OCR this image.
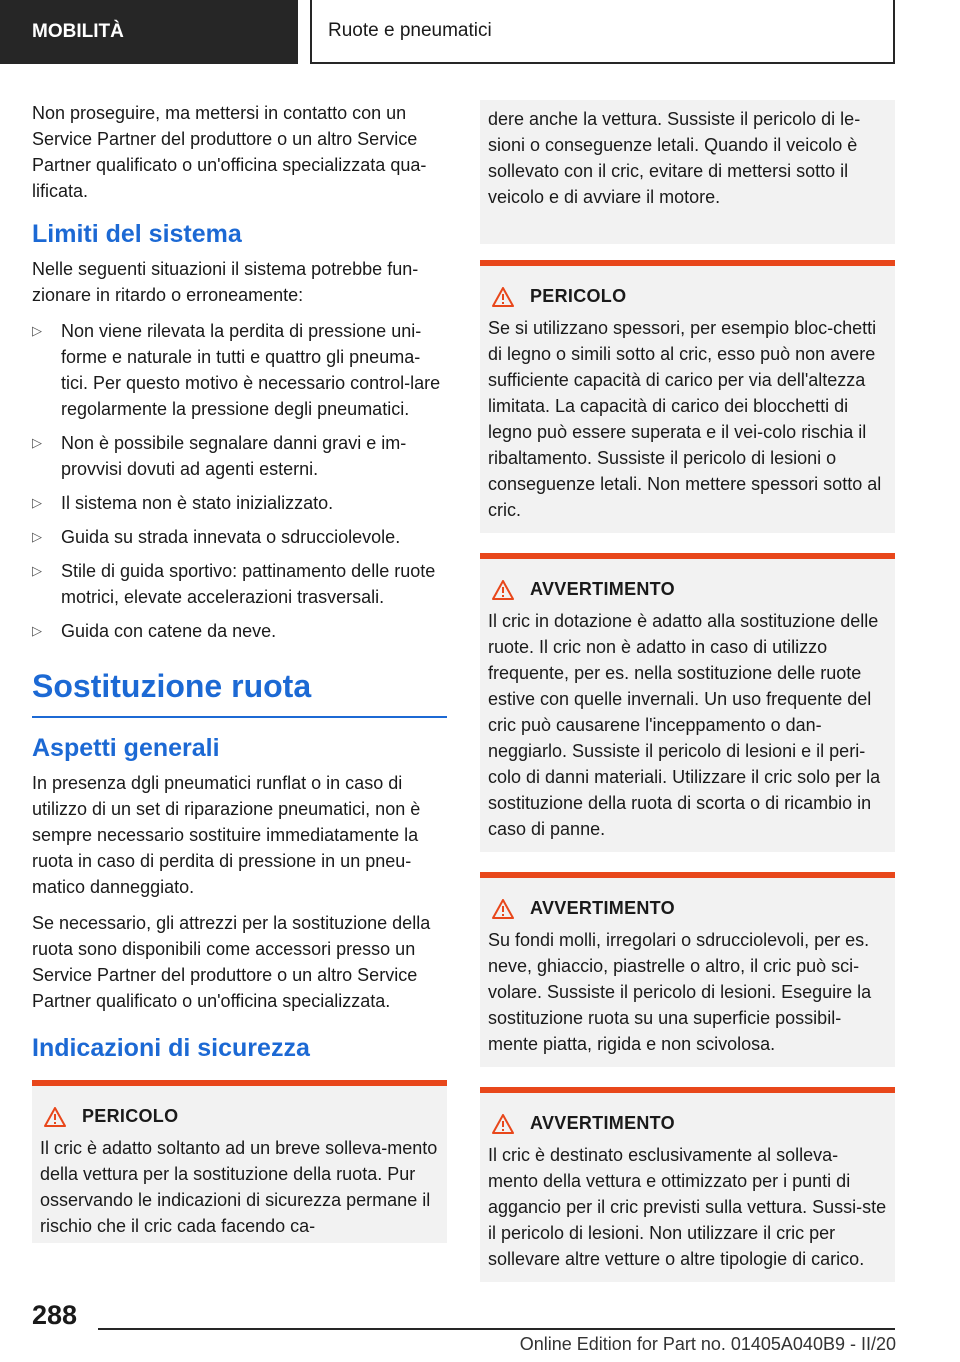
MOBILITÀ	Ruote e pneumatici

Non proseguire, ma mettersi in contatto con un Service Partner del produttore o un altro Service Partner qualificato o un'officina specializzata qua-lificata.

Limiti del sistema

Nelle seguenti situazioni il sistema potrebbe fun-zionare in ritardo o erroneamente:

▷ Non viene rilevata la perdita di pressione uni-forme e naturale in tutti e quattro gli pneuma-tici. Per questo motivo è necessario control-lare regolarmente la pressione degli pneumatici.
▷ Non è possibile segnalare danni gravi e im-provvisi dovuti ad agenti esterni.
▷ Il sistema non è stato inizializzato.
▷ Guida su strada innevata o sdrucciolevole.
▷ Stile di guida sportivo: pattinamento delle ruote motrici, elevate accelerazioni trasversali.
▷ Guida con catene da neve.
Sostituzione ruota
Aspetti generali

In presenza dgli pneumatici runflat o in caso di utilizzo di un set di riparazione pneumatici, non è sempre necessario sostituire immediatamente la ruota in caso di perdita di pressione in un pneu-matico danneggiato.

Se necessario, gli attrezzi per la sostituzione della ruota sono disponibili come accessori presso un Service Partner del produttore o un altro Service Partner qualificato o un'officina specializzata.

Indicazioni di sicurezza
PERICOLO

Il cric è adatto soltanto ad un breve solleva-mento della vettura per la sostituzione della ruota. Pur osservando le indicazioni di sicurezza permane il rischio che il cric cada facendo ca-

dere anche la vettura. Sussiste il pericolo di le-sioni o conseguenze letali. Quando il veicolo è sollevato con il cric, evitare di mettersi sotto il veicolo e di avviare il motore.

PERICOLO

Se si utilizzano spessori, per esempio bloc-chetti di legno o simili sotto al cric, esso può non avere sufficiente capacità di carico per via dell'altezza limitata. La capacità di carico dei blocchetti di legno può essere superata e il vei-colo rischia il ribaltamento. Sussiste il pericolo di lesioni o conseguenze letali. Non mettere spessori sotto al cric.

AVVERTIMENTO

Il cric in dotazione è adatto alla sostituzione delle ruote. Il cric non è adatto in caso di utilizzo frequente, per es. nella sostituzione delle ruote estive con quelle invernali. Un uso frequente del cric può causarene l'inceppamento o dan-neggiarlo. Sussiste il pericolo di lesioni e il peri-colo di danni materiali. Utilizzare il cric solo per la sostituzione della ruota di scorta o di ricambio in caso di panne.

AVVERTIMENTO

Su fondi molli, irregolari o sdrucciolevoli, per es. neve, ghiaccio, piastrelle o altro, il cric può sci-volare. Sussiste il pericolo di lesioni. Eseguire la sostituzione ruota su una superficie possibil-mente piatta, rigida e non scivolosa.

AVVERTIMENTO

Il cric è destinato esclusivamente al solleva-mento della vettura e ottimizzato per i punti di aggancio per il cric previsti sulla vettura. Sussi-ste il pericolo di lesioni. Non utilizzare il cric per sollevare altre vetture o altre tipologie di carico.

288
Online Edition for Part no. 01405A040B9 - II/20
